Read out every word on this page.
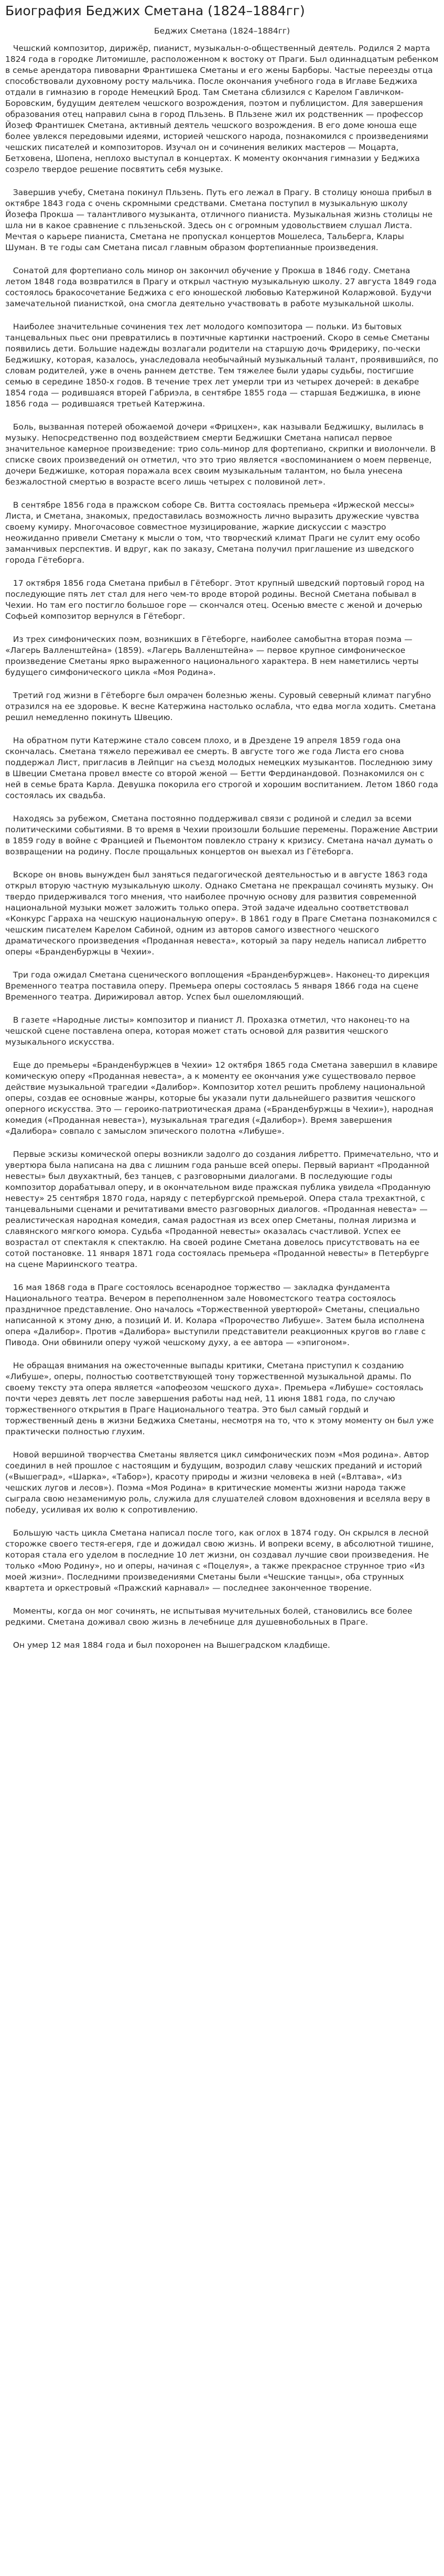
Биография Беджих Сметана (1824–1884гг)

Беджих Сметана (1824–1884гг)

Чешский композитор, дирижёр, пианист, музыкальн-о-общественный деятель. Родился 2 марта 1824 года в городке Литомишле, расположенном к востоку от Праги. Был одиннадцатым ребенком в семье арендатора пивоварни Франтишека Сметаны и его жены Барборы. Частые переезды отца способствовали духовному росту мальчика. После окончания учебного года в Иглаве Беджиха отдали в гимназию в городе Немецкий Брод. Там Сметана сблизился с Карелом Гавличком-Боровским, будущим деятелем чешского возрождения, поэтом и публицистом. Для завершения образования отец направил сына в город Пльзень. В Пльзене жил их родственник — профессор Йозеф Франтишек Сметана, активный деятель чешского возрождения. В его доме юноша еще более увлекся передовыми идеями, историей чешского народа, познакомился с произведениями чешских писателей и композиторов. Изучал он и сочинения великих мастеров — Моцарта, Бетховена, Шопена, неплохо выступал в концертах. К моменту окончания гимназии у Беджиха созрело твердое решение посвятить себя музыке.

Завершив учебу, Сметана покинул Пльзень. Путь его лежал в Прагу. В столицу юноша прибыл в октябре 1843 года с очень скромными средствами. Сметана поступил в музыкальную школу Йозефа Прокша — талантливого музыканта, отличного пианиста. Музыкальная жизнь столицы не шла ни в какое сравнение с пльзеньской. Здесь он с огромным удовольствием слушал Листа. Мечтая о карьере пианиста, Сметана не пропускал концертов Мошелеса, Тальберга, Клары Шуман. В те годы сам Сметана писал главным образом фортепианные произведения.

Сонатой для фортепиано соль минор он закончил обучение у Прокша в 1846 году. Сметана летом 1848 года возвратился в Прагу и открыл частную музыкальную школу. 27 августа 1849 года состоялось бракосочетание Беджиха с его юношеской любовью Катержиной Коларжовой. Будучи замечательной пианисткой, она смогла деятельно участвовать в работе музыкальной школы.

Наиболее значительные сочинения тех лет молодого композитора — польки. Из бытовых танцевальных пьес они превратились в поэтичные картинки настроений. Скоро в семье Сметаны появились дети. Большие надежды возлагали родители на старшую дочь Фридерику, по-чески Беджишку, которая, казалось, унаследовала необычайный музыкальный талант, проявившийся, по словам родителей, уже в очень раннем детстве. Тем тяжелее были удары судьбы, постигшие семью в середине 1850-х годов. В течение трех лет умерли три из четырех дочерей: в декабре 1854 года — родившаяся вторей Габриэла, в сентябре 1855 года — старшая Беджишка, в июне 1856 года — родившаяся третьей Катержина.

Боль, вызванная потерей обожаемой дочери «Фрицхен», как называли Беджишку, вылилась в музыку. Непосредственно под воздействием смерти Беджишки Сметана написал первое значительное камерное произведение: трио соль-минор для фортепиано, скрипки и виолончели. В списке своих произведений он отметил, что это трио является «воспоминанием о моем первенце, дочери Беджишке, которая поражала всех своим музыкальным талантом, но была унесена безжалостной смертью в возрасте всего лишь четырех с половиной лет».

В сентябре 1856 года в пражском соборе Св. Витта состоялась премьера «Иржеской мессы» Листа, и Сметана, знакомых, предоставилась возможность лично выразить дружеские чувства своему кумиру. Многочасовое совместное музицирование, жаркие дискуссии с маэстро неожиданно привели Сметану к мысли о том, что творческий климат Праги не сулит ему особо заманчивых перспектив. И вдруг, как по заказу, Сметана получил приглашение из шведского города Гётеборга.

17 октября 1856 года Сметана прибыл в Гётеборг. Этот крупный шведский портовый город на последующие пять лет стал для него чем-то вроде второй родины. Весной Сметана побывал в Чехии. Но там его постигло большое горе — скончался отец. Осенью вместе с женой и дочерью Софьей композитор вернулся в Гётеборг.

Из трех симфонических поэм, возникших в Гётеборге, наиболее самобытна вторая поэма — «Лагерь Валленштейна» (1859). «Лагерь Валленштейна» — первое крупное симфоническое произведение Сметаны ярко выраженного национального характера. В нем наметились черты будущего симфонического цикла «Моя Родина».

Третий год жизни в Гётеборге был омрачен болезнью жены. Суровый северный климат пагубно отразился на ее здоровье. К весне Катержина настолько ослабла, что едва могла ходить. Сметана решил немедленно покинуть Швецию.

На обратном пути Катержине стало совсем плохо, и в Дрездене 19 апреля 1859 года она скончалась. Сметана тяжело переживал ее смерть. В августе того же года Листа его снова поддержал Лист, пригласив в Лейпциг на съезд молодых немецких музыкантов. Последнюю зиму в Швеции Сметана провел вместе со второй женой — Бетти Фердинандовой. Познакомился он с ней в семье брата Карла. Девушка покорила его строгой и хорошим воспитанием. Летом 1860 года состоялась их свадьба.

Находясь за рубежом, Сметана постоянно поддерживал связи с родиной и следил за всеми политическими событиями. В то время в Чехии произошли большие перемены. Поражение Австрии в 1859 году в войне с Францией и Пьемонтом повлекло страну к кризису. Сметана начал думать о возвращении на родину. После прощальных концертов он выехал из Гётеборга.

Вскоре он вновь вынужден был заняться педагогической деятельностью и в августе 1863 года открыл вторую частную музыкальную школу. Однако Сметана не прекращал сочинять музыку. Он твердо придерживался того мнения, что наиболее прочную основу для развития современной национальной музыки может заложить только опера. Этой задаче идеально соответствовал «Конкурс Гарраха на чешскую национальную оперу». В 1861 году в Праге Сметана познакомился с чешским писателем Карелом Сабиной, одним из авторов самого известного чешского драматического произведения «Проданная невеста», который за пару недель написал либретто оперы «Бранденбуржцы в Чехии».

Три года ожидал Сметана сценического воплощения «Бранденбуржцев». Наконец-то дирекция Временного театра поставила оперу. Премьера оперы состоялась 5 января 1866 года на сцене Временного театра. Дирижировал автор. Успех был ошеломляющий.

В газете «Народные листы» композитор и пианист Л. Прохазка отметил, что наконец-то на чешской сцене поставлена опера, которая может стать основой для развития чешского музыкального искусства.

Еще до премьеры «Бранденбуржцев в Чехии» 12 октября 1865 года Сметана завершил в клавире комическую оперу «Проданная невеста», а к моменту ее окончания уже существовало первое действие музыкальной трагедии «Далибор». Композитор хотел решить проблему национальной оперы, создав ее основные жанры, которые бы указали пути дальнейшего развития чешского оперного искусства. Это — героико-патриотическая драма («Бранденбуржцы в Чехии»), народная комедия («Проданная невеста»), музыкальная трагедия («Далибор»). Время завершения «Далибора» совпало с замыслом эпического полотна «Либуше».

Первые эскизы комической оперы возникли задолго до создания либретто. Примечательно, что и увертюра была написана на два с лишним года раньше всей оперы. Первый вариант «Проданной невесты» был двухактный, без танцев, с разговорными диалогами. В последующие годы композитор дорабатывал оперу, и в окончательном виде пражская публика увидела «Проданную невесту» 25 сентября 1870 года, наряду с петербургской премьерой. Опера стала трехактной, с танцевальными сценами и речитативами вместо разговорных диалогов. «Проданная невеста» — реалистическая народная комедия, самая радостная из всех опер Сметаны, полная лиризма и славянского мягкого юмора. Судьба «Проданной невесты» оказалась счастливой. Успех ее возрастал от спектакля к спектаклю. На своей родине Сметана довелось присутствовать на ее сотой постановке. 11 января 1871 года состоялась премьера «Проданной невесты» в Петербурге на сцене Мариинского театра.

16 мая 1868 года в Праге состоялось всенародное торжество — закладка фундамента Национального театра. Вечером в переполненном зале Новоместского театра состоялось праздничное представление. Оно началось «Торжественной увертюрой» Сметаны, специально написанной к этому дню, а позиций И. И. Колара «Пророчество Либуше». Затем была исполнена опера «Далибор». Против «Далибора» выступили представители реакционных кругов во главе с Пивода. Они обвинили оперу чужой чешскому духу, а ее автора — «эпигоном».

Не обращая внимания на ожесточенные выпады критики, Сметана приступил к созданию «Либуше», оперы, полностью соответствующей тону торжественной музыкальной драмы. По своему тексту эта опера является «апофеозом чешского духа». Премьера «Либуше» состоялась почти через девять лет после завершения работы над ней, 11 июня 1881 года, по случаю торжественного открытия в Праге Национального театра. Это был самый гордый и торжественный день в жизни Беджиха Сметаны, несмотря на то, что к этому моменту он был уже практически полностью глухим.

Новой вершиной творчества Сметаны является цикл симфонических поэм «Моя родина». Автор соединил в ней прошлое с настоящим и будущим, возродил славу чешских преданий и историй («Вышеград», «Шарка», «Табор»), красоту природы и жизни человека в ней («Влтава», «Из чешских лугов и лесов»). Поэма «Моя Родина» в критические моменты жизни народа также сыграла свою незаменимую роль, служила для слушателей словом вдохновения и вселяла веру в победу, усиливая их волю к сопротивлению.

Большую часть цикла Сметана написал после того, как оглох в 1874 году. Он скрылся в лесной сторожке своего тестя-егеря, где и дожидал свою жизнь. И вопреки всему, в абсолютной тишине, которая стала его уделом в последние 10 лет жизни, он создавал лучшие свои произведения. Не только «Мою Родину», но и оперы, начиная с «Поцелуя», а также прекрасное струнное трио «Из моей жизни». Последними произведениями Сметаны были «Чешские танцы», оба струнных квартета и оркестровый «Пражский карнавал» — последнее законченное творение.

Моменты, когда он мог сочинять, не испытывая мучительных болей, становились все более редкими. Сметана доживал свою жизнь в лечебнице для душевнобольных в Праге.

Он умер 12 мая 1884 года и был похоронен на Вышеградском кладбище.
